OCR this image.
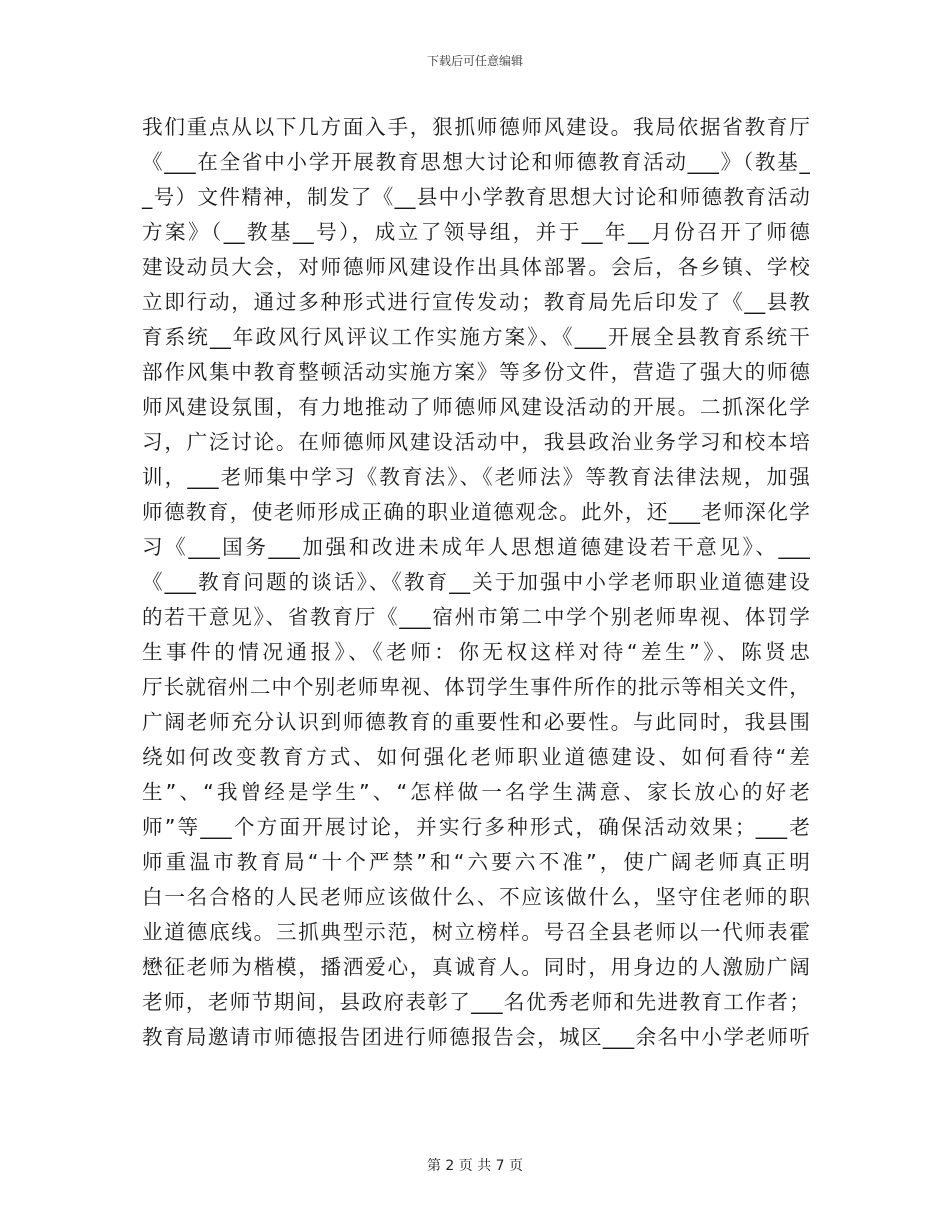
下载后可任意编辑
我们重点从以下几方面入手，狠抓师德师风建设。我局依据省教育厅
《___在全省中小学开展教育思想大讨论和师德教育活动___》（教基_
_号）文件精神，制发了《__县中小学教育思想大讨论和师德教育活动
方案》（__教基__号），成立了领导组，并于__年__月份召开了师德
建设动员大会，对师德师风建设作出具体部署。会后，各乡镇、学校
立即行动，通过多种形式进行宣传发动；教育局先后印发了《__县教
育系统__年政风行风评议工作实施方案》、《___开展全县教育系统干
部作风集中教育整顿活动实施方案》等多份文件，营造了强大的师德
师风建设氛围，有力地推动了师德师风建设活动的开展。二抓深化学
习，广泛讨论。在师德师风建设活动中，我县政治业务学习和校本培
训，___老师集中学习《教育法》、《老师法》等教育法律法规，加强
师德教育，使老师形成正确的职业道德观念。此外，还___老师深化学
习《___国务___加强和改进未成年人思想道德建设若干意见》、___
《___教育问题的谈话》、《教育__关于加强中小学老师职业道德建设
的若干意见》、省教育厅《___宿州市第二中学个别老师卑视、体罚学
生事件的情况通报》、《老师：你无权这样对待“差生”》、陈贤忠
厅长就宿州二中个别老师卑视、体罚学生事件所作的批示等相关文件，
广阔老师充分认识到师德教育的重要性和必要性。与此同时，我县围
绕如何改变教育方式、如何强化老师职业道德建设、如何看待“差
生”、“我曾经是学生”、“怎样做一名学生满意、家长放心的好老
师”等___个方面开展讨论，并实行多种形式，确保活动效果；___老
师重温市教育局“十个严禁”和“六要六不准”，使广阔老师真正明
白一名合格的人民老师应该做什么、不应该做什么，坚守住老师的职
业道德底线。三抓典型示范，树立榜样。号召全县老师以一代师表霍
懋征老师为楷模，播洒爱心，真诚育人。同时，用身边的人激励广阔
老师，老师节期间，县政府表彰了___名优秀老师和先进教育工作者；
教育局邀请市师德报告团进行师德报告会，城区___余名中小学老师听
第 2 页 共 7 页
